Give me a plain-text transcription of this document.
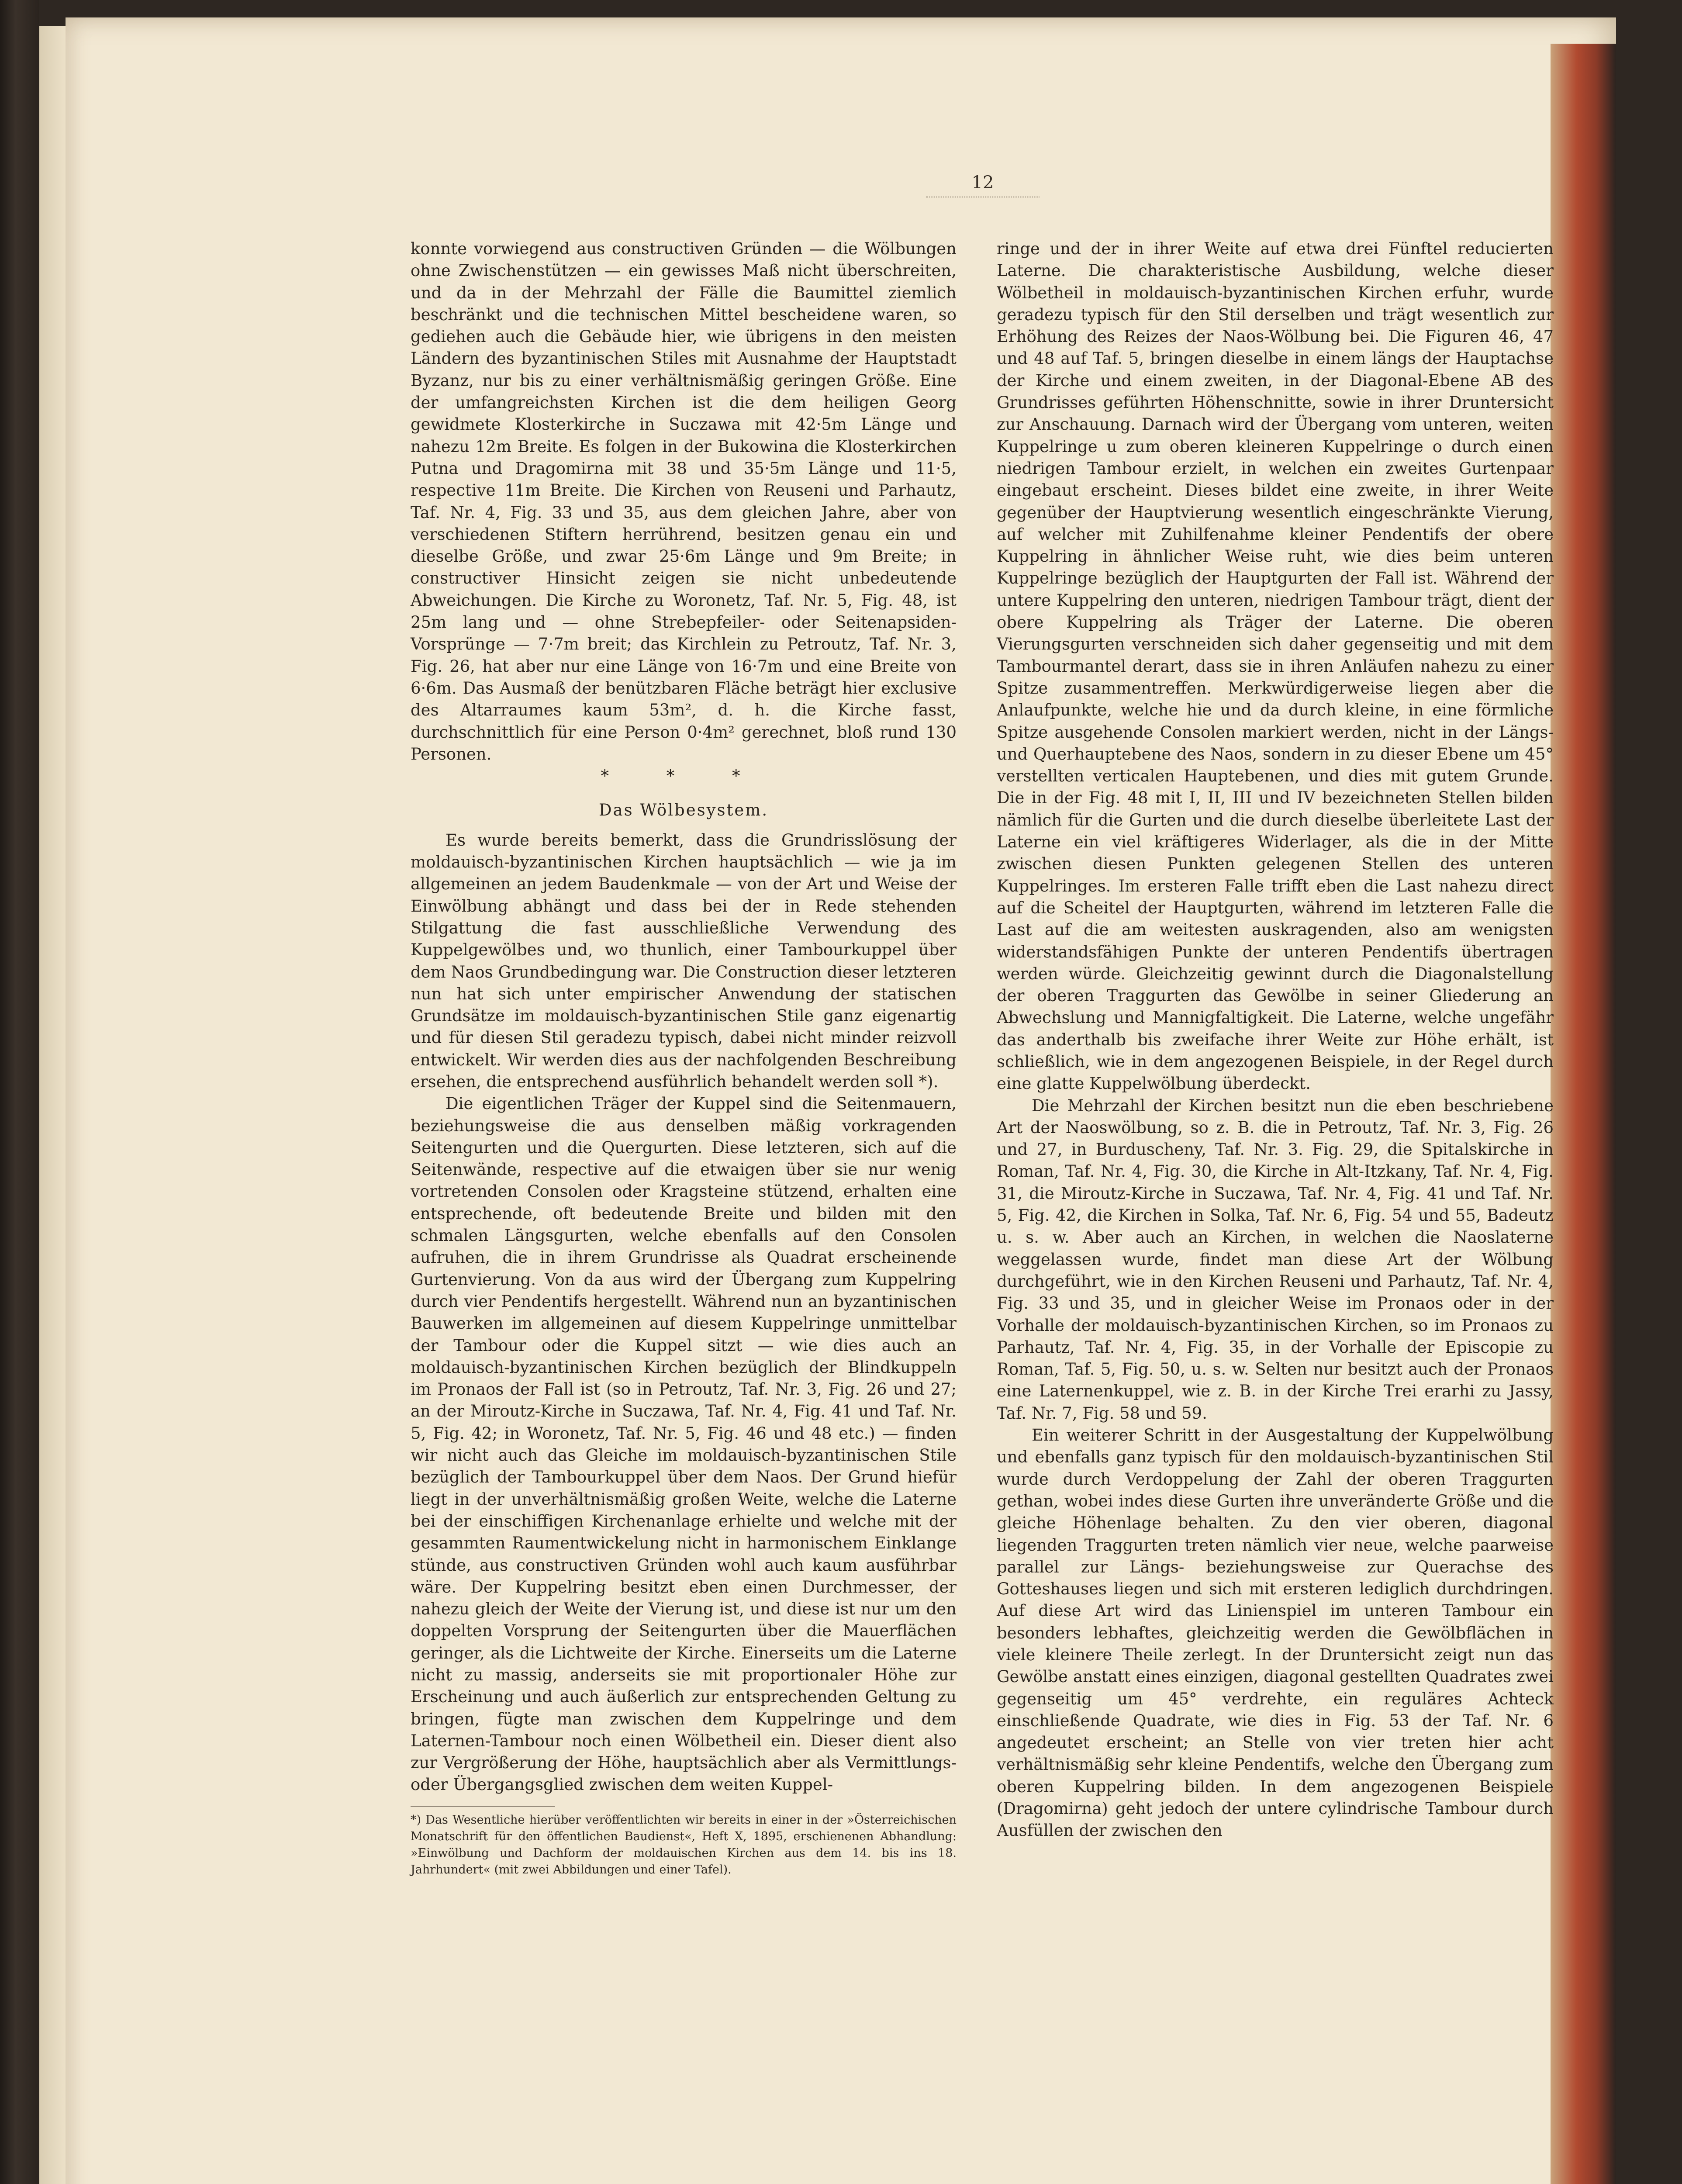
12

konnte vorwiegend aus constructiven Gründen — die Wölbungen ohne Zwischenstützen — ein gewisses Maß nicht überschreiten, und da in der Mehrzahl der Fälle die Baumittel ziemlich beschränkt und die technischen Mittel bescheidene waren, so gediehen auch die Gebäude hier, wie übrigens in den meisten Ländern des byzantinischen Stiles mit Ausnahme der Hauptstadt Byzanz, nur bis zu einer verhältnismäßig geringen Größe. Eine der umfangreichsten Kirchen ist die dem heiligen Georg gewidmete Klosterkirche in Suczawa mit 42·5m Länge und nahezu 12m Breite. Es folgen in der Bukowina die Klosterkirchen Putna und Dragomirna mit 38 und 35·5m Länge und 11·5, respective 11m Breite. Die Kirchen von Reuseni und Parhautz, Taf. Nr. 4, Fig. 33 und 35, aus dem gleichen Jahre, aber von verschiedenen Stiftern herrührend, besitzen genau ein und dieselbe Größe, und zwar 25·6m Länge und 9m Breite; in constructiver Hinsicht zeigen sie nicht unbedeutende Abweichungen. Die Kirche zu Woronetz, Taf. Nr. 5, Fig. 48, ist 25m lang und — ohne Strebepfeiler- oder Seitenapsiden-Vorsprünge — 7·7m breit; das Kirchlein zu Petroutz, Taf. Nr. 3, Fig. 26, hat aber nur eine Länge von 16·7m und eine Breite von 6·6m. Das Ausmaß der benützbaren Fläche beträgt hier exclusive des Altarraumes kaum 53m², d. h. die Kirche fasst, durchschnittlich für eine Person 0·4m² gerechnet, bloß rund 130 Personen.

* * *
Das Wölbesystem.

Es wurde bereits bemerkt, dass die Grundrisslösung der moldauisch-byzantinischen Kirchen hauptsächlich — wie ja im allgemeinen an jedem Baudenkmale — von der Art und Weise der Einwölbung abhängt und dass bei der in Rede stehenden Stilgattung die fast ausschließliche Verwendung des Kuppelgewölbes und, wo thunlich, einer Tambourkuppel über dem Naos Grundbedingung war. Die Construction dieser letzteren nun hat sich unter empirischer Anwendung der statischen Grundsätze im moldauisch-byzantinischen Stile ganz eigenartig und für diesen Stil geradezu typisch, dabei nicht minder reizvoll entwickelt. Wir werden dies aus der nachfolgenden Beschreibung ersehen, die entsprechend ausführlich behandelt werden soll *).

Die eigentlichen Träger der Kuppel sind die Seitenmauern, beziehungsweise die aus denselben mäßig vorkragenden Seitengurten und die Quergurten. Diese letzteren, sich auf die Seitenwände, respective auf die etwaigen über sie nur wenig vortretenden Consolen oder Kragsteine stützend, erhalten eine entsprechende, oft bedeutende Breite und bilden mit den schmalen Längsgurten, welche ebenfalls auf den Consolen aufruhen, die in ihrem Grundrisse als Quadrat erscheinende Gurtenvierung. Von da aus wird der Übergang zum Kuppelring durch vier Pendentifs hergestellt. Während nun an byzantinischen Bauwerken im allgemeinen auf diesem Kuppelringe unmittelbar der Tambour oder die Kuppel sitzt — wie dies auch an moldauisch-byzantinischen Kirchen bezüglich der Blindkuppeln im Pronaos der Fall ist (so in Petroutz, Taf. Nr. 3, Fig. 26 und 27; an der Miroutz-Kirche in Suczawa, Taf. Nr. 4, Fig. 41 und Taf. Nr. 5, Fig. 42; in Woronetz, Taf. Nr. 5, Fig. 46 und 48 etc.) — finden wir nicht auch das Gleiche im moldauisch-byzantinischen Stile bezüglich der Tambourkuppel über dem Naos. Der Grund hiefür liegt in der unverhältnismäßig großen Weite, welche die Laterne bei der einschiffigen Kirchenanlage erhielte und welche mit der gesammten Raumentwickelung nicht in harmonischem Einklange stünde, aus constructiven Gründen wohl auch kaum ausführbar wäre. Der Kuppelring besitzt eben einen Durchmesser, der nahezu gleich der Weite der Vierung ist, und diese ist nur um den doppelten Vorsprung der Seitengurten über die Mauerflächen geringer, als die Lichtweite der Kirche. Einerseits um die Laterne nicht zu massig, anderseits sie mit proportionaler Höhe zur Erscheinung und auch äußerlich zur entsprechenden Geltung zu bringen, fügte man zwischen dem Kuppelringe und dem Laternen-Tambour noch einen Wölbetheil ein. Dieser dient also zur Vergrößerung der Höhe, hauptsächlich aber als Vermittlungs- oder Übergangsglied zwischen dem weiten Kuppel-

*) Das Wesentliche hierüber veröffentlichten wir bereits in einer in der »Österreichischen Monatschrift für den öffentlichen Baudienst«, Heft X, 1895, erschienenen Abhandlung: »Einwölbung und Dachform der moldauischen Kirchen aus dem 14. bis ins 18. Jahrhundert« (mit zwei Abbildungen und einer Tafel).

ringe und der in ihrer Weite auf etwa drei Fünftel reducierten Laterne. Die charakteristische Ausbildung, welche dieser Wölbetheil in moldauisch-byzantinischen Kirchen erfuhr, wurde geradezu typisch für den Stil derselben und trägt wesentlich zur Erhöhung des Reizes der Naos-Wölbung bei. Die Figuren 46, 47 und 48 auf Taf. 5, bringen dieselbe in einem längs der Hauptachse der Kirche und einem zweiten, in der Diagonal-Ebene AB des Grundrisses geführten Höhenschnitte, sowie in ihrer Druntersicht zur Anschauung. Darnach wird der Übergang vom unteren, weiten Kuppelringe u zum oberen kleineren Kuppelringe o durch einen niedrigen Tambour erzielt, in welchen ein zweites Gurtenpaar eingebaut erscheint. Dieses bildet eine zweite, in ihrer Weite gegenüber der Hauptvierung wesentlich eingeschränkte Vierung, auf welcher mit Zuhilfenahme kleiner Pendentifs der obere Kuppelring in ähnlicher Weise ruht, wie dies beim unteren Kuppelringe bezüglich der Hauptgurten der Fall ist. Während der untere Kuppelring den unteren, niedrigen Tambour trägt, dient der obere Kuppelring als Träger der Laterne. Die oberen Vierungsgurten verschneiden sich daher gegenseitig und mit dem Tambourmantel derart, dass sie in ihren Anläufen nahezu zu einer Spitze zusammentreffen. Merkwürdigerweise liegen aber die Anlaufpunkte, welche hie und da durch kleine, in eine förmliche Spitze ausgehende Consolen markiert werden, nicht in der Längs- und Querhauptebene des Naos, sondern in zu dieser Ebene um 45° verstellten verticalen Hauptebenen, und dies mit gutem Grunde. Die in der Fig. 48 mit I, II, III und IV bezeichneten Stellen bilden nämlich für die Gurten und die durch dieselbe überleitete Last der Laterne ein viel kräftigeres Widerlager, als die in der Mitte zwischen diesen Punkten gelegenen Stellen des unteren Kuppelringes. Im ersteren Falle trifft eben die Last nahezu direct auf die Scheitel der Hauptgurten, während im letzteren Falle die Last auf die am weitesten auskragenden, also am wenigsten widerstandsfähigen Punkte der unteren Pendentifs übertragen werden würde. Gleichzeitig gewinnt durch die Diagonalstellung der oberen Traggurten das Gewölbe in seiner Gliederung an Abwechslung und Mannigfaltigkeit. Die Laterne, welche ungefähr das anderthalb bis zweifache ihrer Weite zur Höhe erhält, ist schließlich, wie in dem angezogenen Beispiele, in der Regel durch eine glatte Kuppelwölbung überdeckt.

Die Mehrzahl der Kirchen besitzt nun die eben beschriebene Art der Naoswölbung, so z. B. die in Petroutz, Taf. Nr. 3, Fig. 26 und 27, in Burduscheny, Taf. Nr. 3. Fig. 29, die Spitalskirche in Roman, Taf. Nr. 4, Fig. 30, die Kirche in Alt-Itzkany, Taf. Nr. 4, Fig. 31, die Miroutz-Kirche in Suczawa, Taf. Nr. 4, Fig. 41 und Taf. Nr. 5, Fig. 42, die Kirchen in Solka, Taf. Nr. 6, Fig. 54 und 55, Badeutz u. s. w. Aber auch an Kirchen, in welchen die Naoslaterne weggelassen wurde, findet man diese Art der Wölbung durchgeführt, wie in den Kirchen Reuseni und Parhautz, Taf. Nr. 4, Fig. 33 und 35, und in gleicher Weise im Pronaos oder in der Vorhalle der moldauisch-byzantinischen Kirchen, so im Pronaos zu Parhautz, Taf. Nr. 4, Fig. 35, in der Vorhalle der Episcopie zu Roman, Taf. 5, Fig. 50, u. s. w. Selten nur besitzt auch der Pronaos eine Laternenkuppel, wie z. B. in der Kirche Trei erarhi zu Jassy, Taf. Nr. 7, Fig. 58 und 59.

Ein weiterer Schritt in der Ausgestaltung der Kuppelwölbung und ebenfalls ganz typisch für den moldauisch-byzantinischen Stil wurde durch Verdoppelung der Zahl der oberen Traggurten gethan, wobei indes diese Gurten ihre unveränderte Größe und die gleiche Höhenlage behalten. Zu den vier oberen, diagonal liegenden Traggurten treten nämlich vier neue, welche paarweise parallel zur Längs- beziehungsweise zur Querachse des Gotteshauses liegen und sich mit ersteren lediglich durchdringen. Auf diese Art wird das Linienspiel im unteren Tambour ein besonders lebhaftes, gleichzeitig werden die Gewölbflächen in viele kleinere Theile zerlegt. In der Druntersicht zeigt nun das Gewölbe anstatt eines einzigen, diagonal gestellten Quadrates zwei gegenseitig um 45° verdrehte, ein reguläres Achteck einschließende Quadrate, wie dies in Fig. 53 der Taf. Nr. 6 angedeutet erscheint; an Stelle von vier treten hier acht verhältnismäßig sehr kleine Pendentifs, welche den Übergang zum oberen Kuppelring bilden. In dem angezogenen Beispiele (Dragomirna) geht jedoch der untere cylindrische Tambour durch Ausfüllen der zwischen den
